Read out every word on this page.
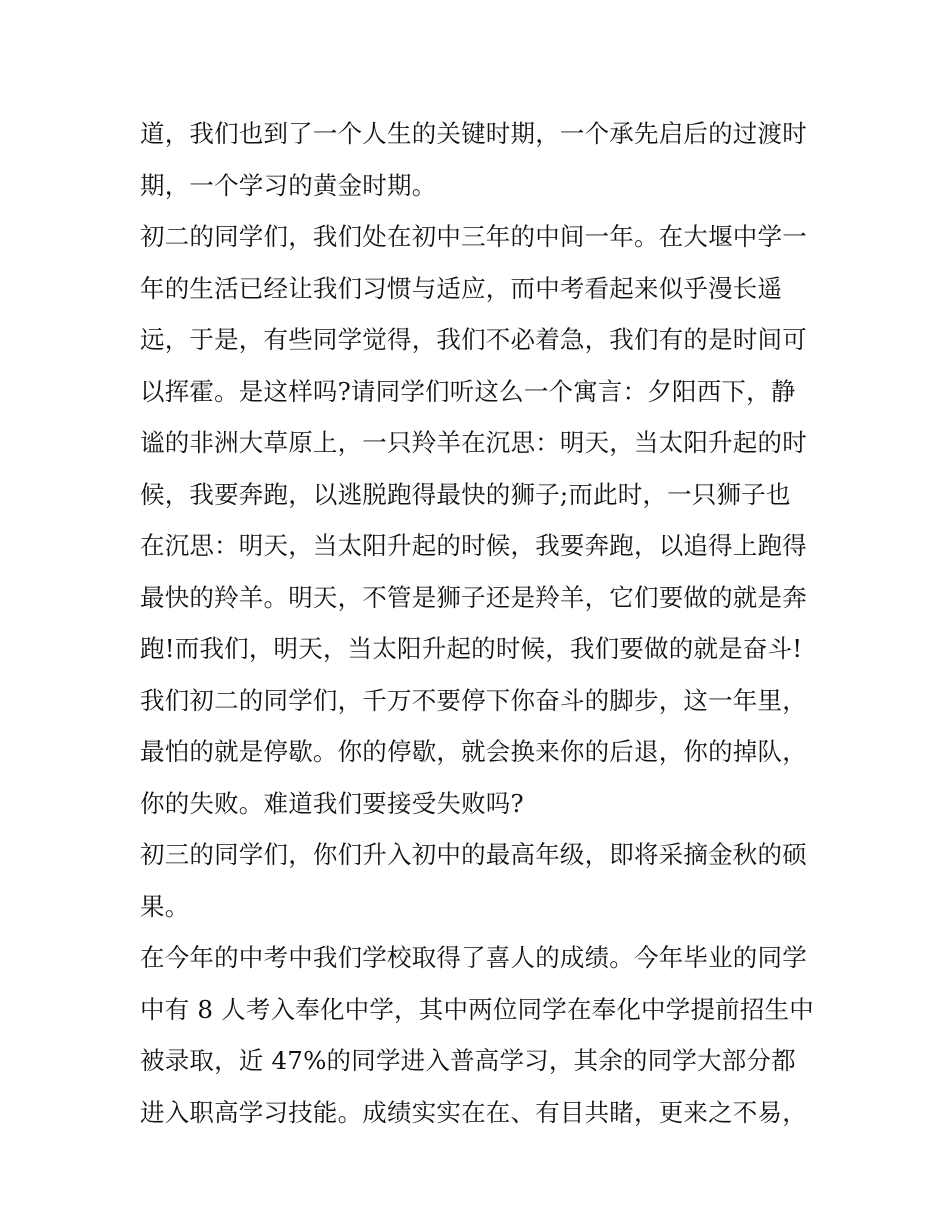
道，我们也到了一个人生的关键时期，一个承先启后的过渡时
期，一个学习的黄金时期。
初二的同学们，我们处在初中三年的中间一年。在大堰中学一
年的生活已经让我们习惯与适应，而中考看起来似乎漫长遥
远，于是，有些同学觉得，我们不必着急，我们有的是时间可
以挥霍。是这样吗?请同学们听这么一个寓言：夕阳西下，静
谧的非洲大草原上，一只羚羊在沉思：明天，当太阳升起的时
候，我要奔跑，以逃脱跑得最快的狮子;而此时，一只狮子也
在沉思：明天，当太阳升起的时候，我要奔跑，以追得上跑得
最快的羚羊。明天，不管是狮子还是羚羊，它们要做的就是奔
跑!而我们，明天，当太阳升起的时候，我们要做的就是奋斗!
我们初二的同学们，千万不要停下你奋斗的脚步，这一年里，
最怕的就是停歇。你的停歇，就会换来你的后退，你的掉队，
你的失败。难道我们要接受失败吗?
初三的同学们，你们升入初中的最高年级，即将采摘金秋的硕
果。
在今年的中考中我们学校取得了喜人的成绩。今年毕业的同学
中有 8 人考入奉化中学，其中两位同学在奉化中学提前招生中
被录取，近 47%的同学进入普高学习，其余的同学大部分都
进入职高学习技能。成绩实实在在、有目共睹，更来之不易，
